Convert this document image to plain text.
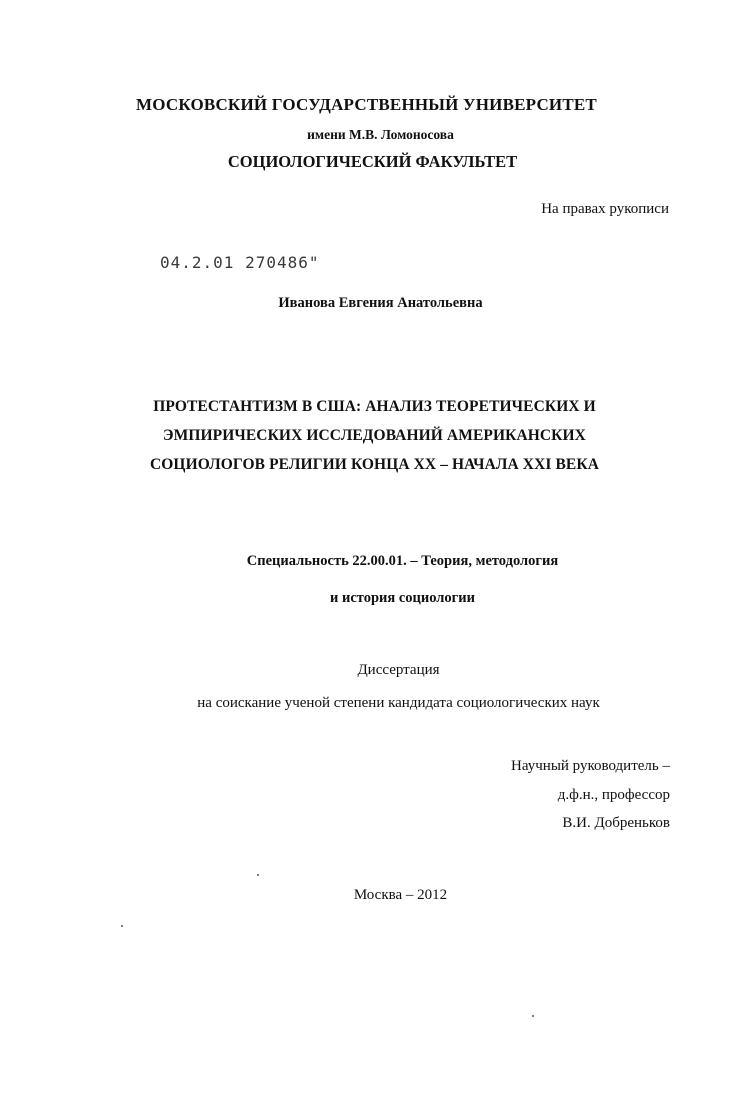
МОСКОВСКИЙ ГОСУДАРСТВЕННЫЙ УНИВЕРСИТЕТ
имени М.В. Ломоносова
СОЦИОЛОГИЧЕСКИЙ ФАКУЛЬТЕТ
На правах рукописи
04.2.01 270486"
Иванова Евгения Анатольевна
ПРОТЕСТАНТИЗМ В США: АНАЛИЗ ТЕОРЕТИЧЕСКИХ И
ЭМПИРИЧЕСКИХ ИССЛЕДОВАНИЙ АМЕРИКАНСКИХ
СОЦИОЛОГОВ РЕЛИГИИ КОНЦА XX – НАЧАЛА XXI ВЕКА
Специальность 22.00.01. – Теория, методология
и история социологии
Диссертация
на соискание ученой степени кандидата социологических наук
Научный руководитель –
д.ф.н., профессор
В.И. Добреньков
Москва – 2012
